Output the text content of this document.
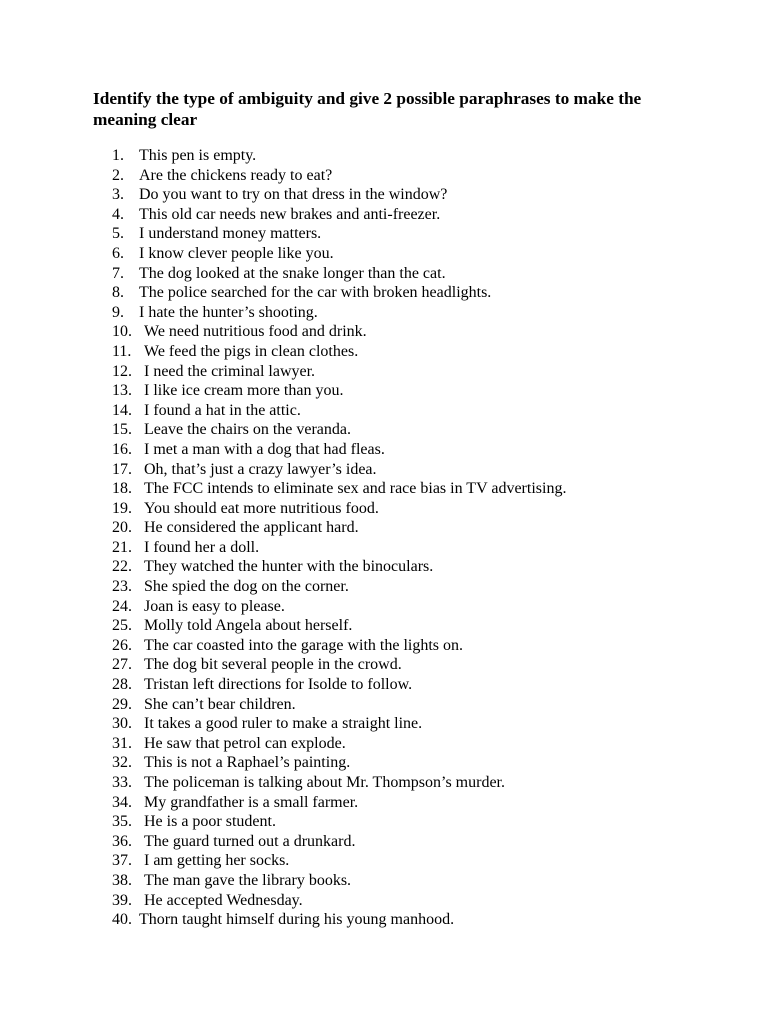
Identify the type of ambiguity and give 2 possible paraphrases to make the meaning clear

1. This pen is empty.
2. Are the chickens ready to eat?
3. Do you want to try on that dress in the window?
4. This old car needs new brakes and anti-freezer.
5. I understand money matters.
6. I know clever people like you.
7. The dog looked at the snake longer than the cat.
8. The police searched for the car with broken headlights.
9. I hate the hunter’s shooting.
10. We need nutritious food and drink.
11. We feed the pigs in clean clothes.
12. I need the criminal lawyer.
13. I like ice cream more than you.
14. I found a hat in the attic.
15. Leave the chairs on the veranda.
16. I met a man with a dog that had fleas.
17. Oh, that’s just a crazy lawyer’s idea.
18. The FCC intends to eliminate sex and race bias in TV advertising.
19. You should eat more nutritious food.
20. He considered the applicant hard.
21. I found her a doll.
22. They watched the hunter with the binoculars.
23. She spied the dog on the corner.
24. Joan is easy to please.
25. Molly told Angela about herself.
26. The car coasted into the garage with the lights on.
27. The dog bit several people in the crowd.
28. Tristan left directions for Isolde to follow.
29. She can’t bear children.
30. It takes a good ruler to make a straight line.
31. He saw that petrol can explode.
32. This is not a Raphael’s painting.
33. The policeman is talking about Mr. Thompson’s murder.
34. My grandfather is a small farmer.
35. He is a poor student.
36. The guard turned out a drunkard.
37. I am getting her socks.
38. The man gave the library books.
39. He accepted Wednesday.
40. Thorn taught himself during his young manhood.
